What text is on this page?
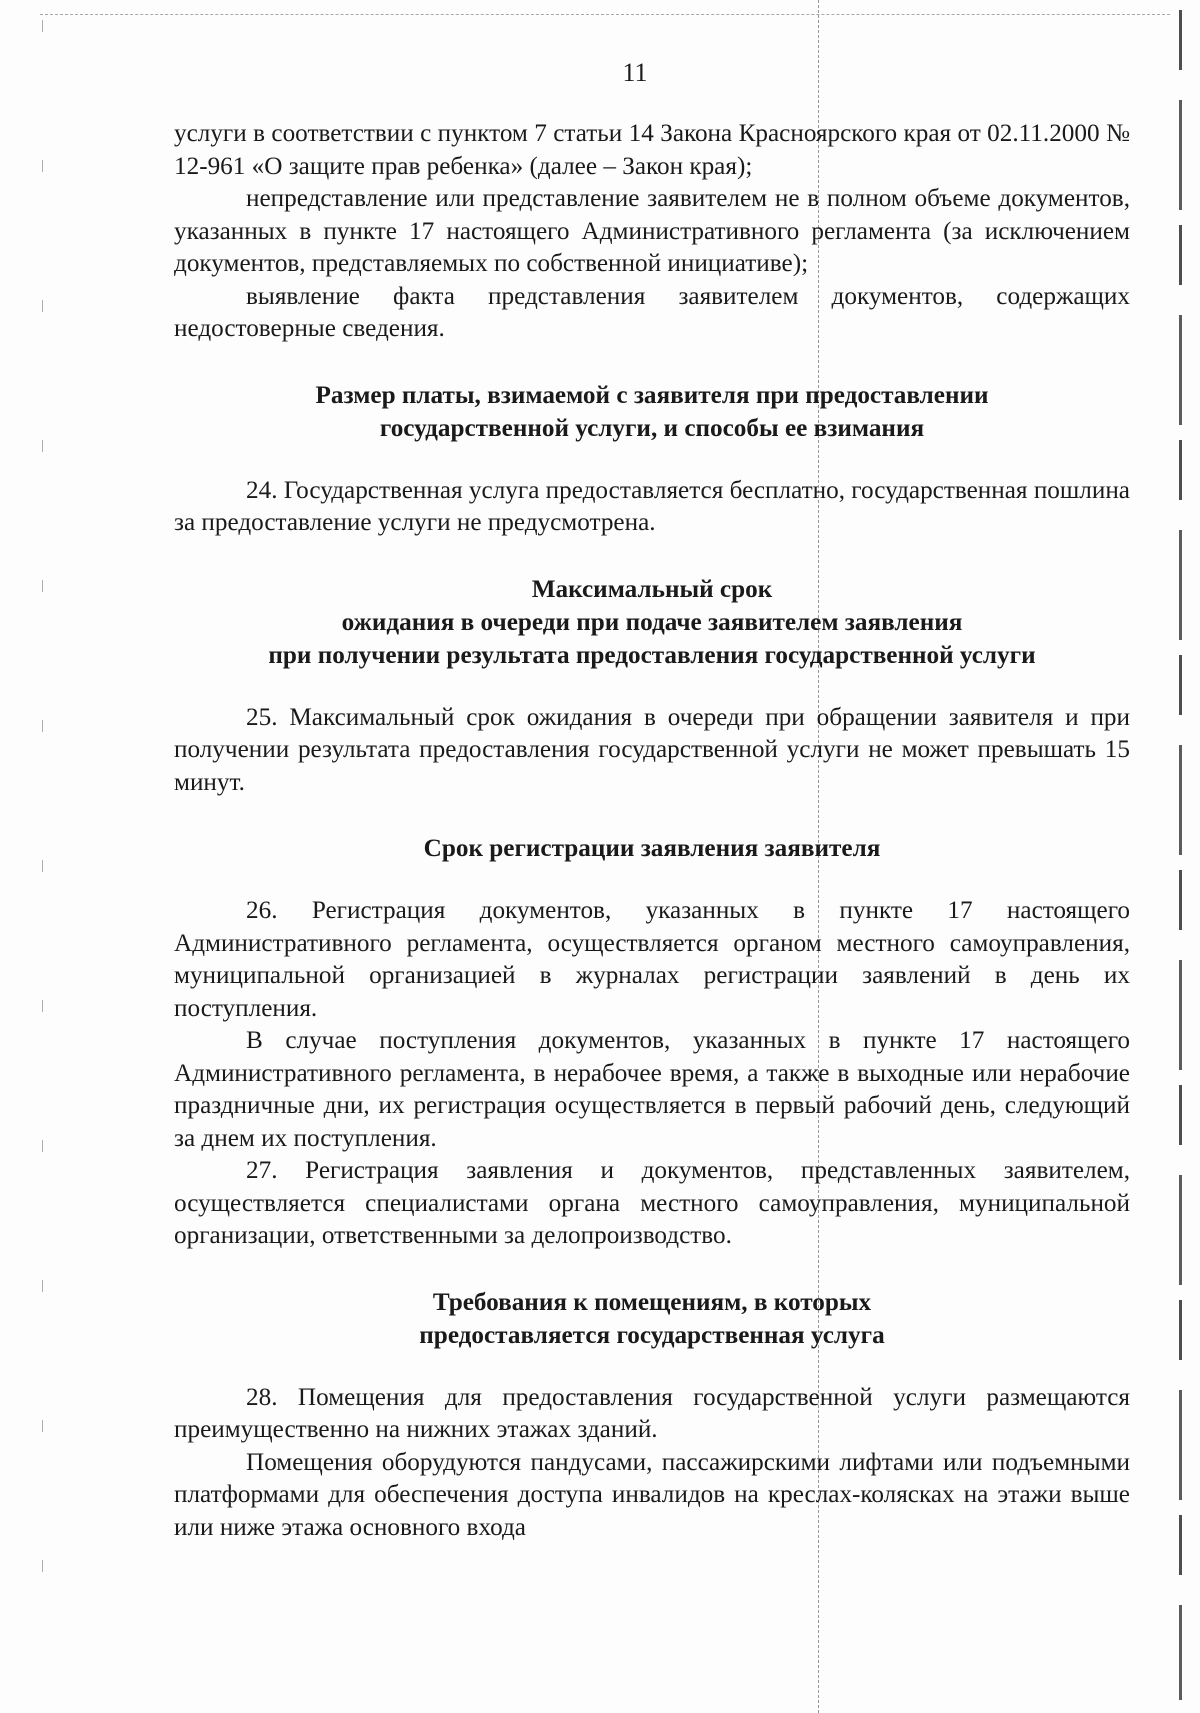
11

услуги в соответствии с пунктом 7 статьи 14 Закона Красноярского края от 02.11.2000 № 12-961 «О защите прав ребенка» (далее – Закон края);

непредставление или представление заявителем не в полном объеме документов, указанных в пункте 17 настоящего Административного регламента (за исключением документов, представляемых по собственной инициативе);

выявление факта представления заявителем документов, содержащих недостоверные сведения.

Размер платы, взимаемой с заявителя при предоставлении
государственной услуги, и способы ее взимания

24. Государственная услуга предоставляется бесплатно, государственная пошлина за предоставление услуги не предусмотрена.

Максимальный срок
ожидания в очереди при подаче заявителем заявления
при получении результата предоставления государственной услуги

25. Максимальный срок ожидания в очереди при обращении заявителя и при получении результата предоставления государственной услуги не может превышать 15 минут.

Срок регистрации заявления заявителя

26. Регистрация документов, указанных в пункте 17 настоящего Административного регламента, осуществляется органом местного самоуправления, муниципальной организацией в журналах регистрации заявлений в день их поступления.

В случае поступления документов, указанных в пункте 17 настоящего Административного регламента, в нерабочее время, а также в выходные или нерабочие праздничные дни, их регистрация осуществляется в первый рабочий день, следующий за днем их поступления.

27. Регистрация заявления и документов, представленных заявителем, осуществляется специалистами органа местного самоуправления, муниципальной организации, ответственными за делопроизводство.

Требования к помещениям, в которых
предоставляется государственная услуга

28. Помещения для предоставления государственной услуги размещаются преимущественно на нижних этажах зданий.

Помещения оборудуются пандусами, пассажирскими лифтами или подъемными платформами для обеспечения доступа инвалидов на креслах-колясках на этажи выше или ниже этажа основного входа
